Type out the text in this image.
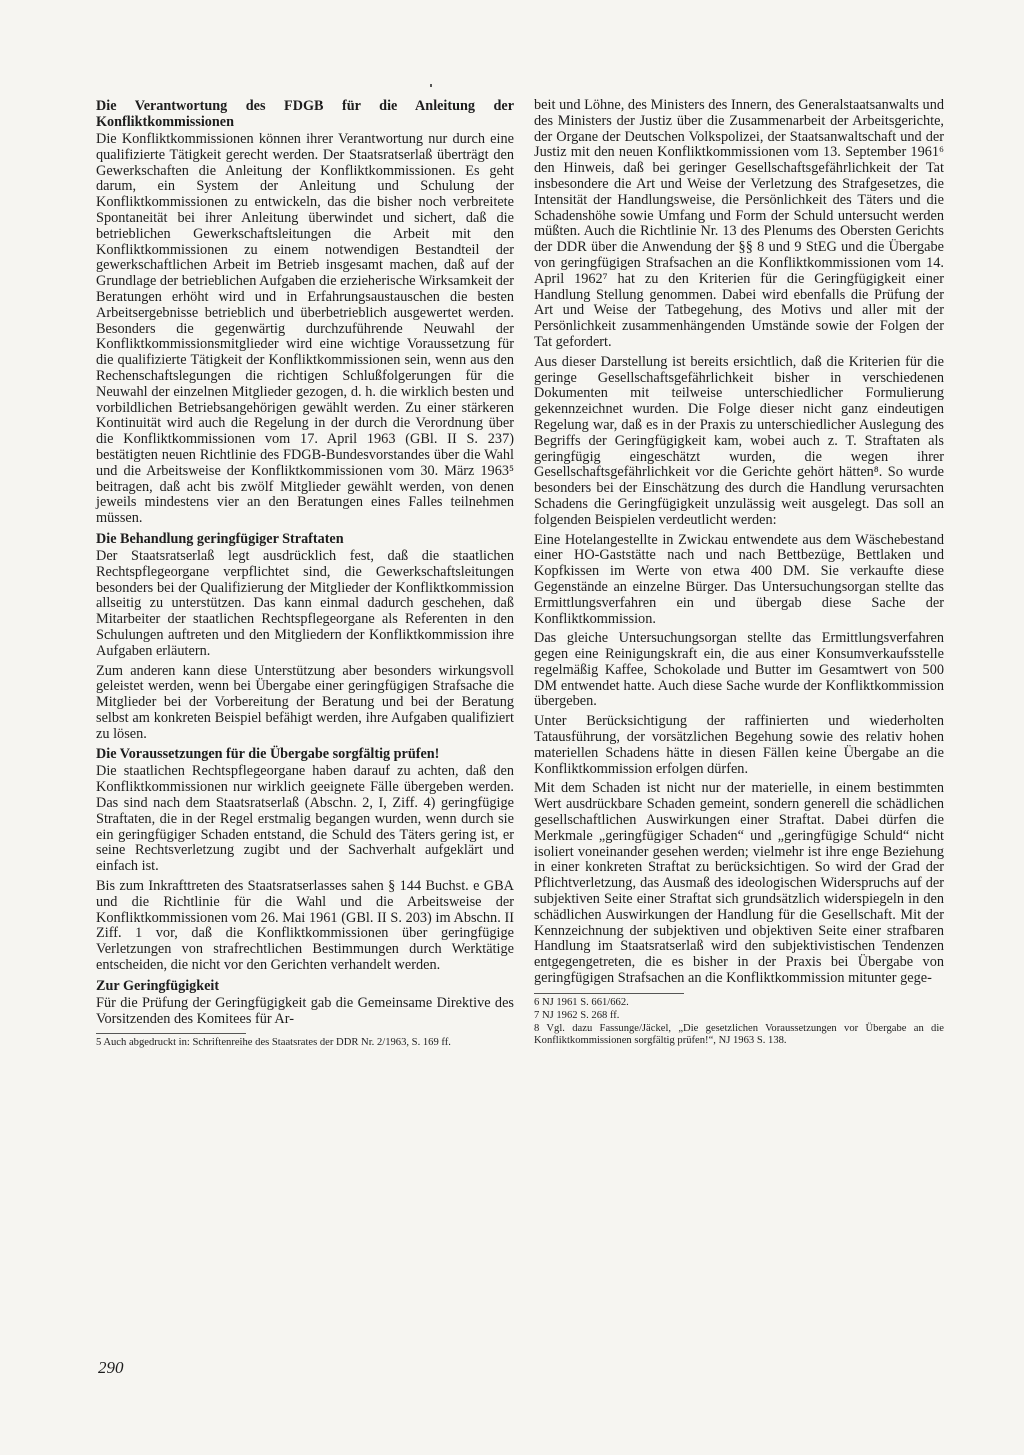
Die Verantwortung des FDGB für die Anleitung der Konfliktkommissionen

Die Konfliktkommissionen können ihrer Verantwortung nur durch eine qualifizierte Tätigkeit gerecht werden. Der Staatsratserlaß überträgt den Gewerkschaften die Anleitung der Konfliktkommissionen. Es geht darum, ein System der Anleitung und Schulung der Konfliktkommissionen zu entwickeln, das die bisher noch verbreitete Spontaneität bei ihrer Anleitung überwindet und sichert, daß die betrieblichen Gewerkschaftsleitungen die Arbeit mit den Konfliktkommissionen zu einem notwendigen Bestandteil der gewerkschaftlichen Arbeit im Betrieb insgesamt machen, daß auf der Grundlage der betrieblichen Aufgaben die erzieherische Wirksamkeit der Beratungen erhöht wird und in Erfahrungsaustauschen die besten Arbeitsergebnisse betrieblich und überbetrieblich ausgewertet werden. Besonders die gegenwärtig durchzuführende Neuwahl der Konfliktkommissionsmitglieder wird eine wichtige Voraussetzung für die qualifizierte Tätigkeit der Konfliktkommissionen sein, wenn aus den Rechenschaftslegungen die richtigen Schlußfolgerungen für die Neuwahl der einzelnen Mitglieder gezogen, d. h. die wirklich besten und vorbildlichen Betriebsangehörigen gewählt werden. Zu einer stärkeren Kontinuität wird auch die Regelung in der durch die Verordnung über die Konfliktkommissionen vom 17. April 1963 (GBl. II S. 237) bestätigten neuen Richtlinie des FDGB-Bundesvorstandes über die Wahl und die Arbeitsweise der Konfliktkommissionen vom 30. März 1963⁵ beitragen, daß acht bis zwölf Mitglieder gewählt werden, von denen jeweils mindestens vier an den Beratungen eines Falles teilnehmen müssen.

Die Behandlung geringfügiger Straftaten

Der Staatsratserlaß legt ausdrücklich fest, daß die staatlichen Rechtspflegeorgane verpflichtet sind, die Gewerkschaftsleitungen besonders bei der Qualifizierung der Mitglieder der Konfliktkommission allseitig zu unterstützen. Das kann einmal dadurch geschehen, daß Mitarbeiter der staatlichen Rechtspflegeorgane als Referenten in den Schulungen auftreten und den Mitgliedern der Konfliktkommission ihre Aufgaben erläutern.

Zum anderen kann diese Unterstützung aber besonders wirkungsvoll geleistet werden, wenn bei Übergabe einer geringfügigen Strafsache die Mitglieder bei der Vorbereitung der Beratung und bei der Beratung selbst am konkreten Beispiel befähigt werden, ihre Aufgaben qualifiziert zu lösen.

Die Voraussetzungen für die Übergabe sorgfältig prüfen!

Die staatlichen Rechtspflegeorgane haben darauf zu achten, daß den Konfliktkommissionen nur wirklich geeignete Fälle übergeben werden. Das sind nach dem Staatsratserlaß (Abschn. 2, I, Ziff. 4) geringfügige Straftaten, die in der Regel erstmalig begangen wurden, wenn durch sie ein geringfügiger Schaden entstand, die Schuld des Täters gering ist, er seine Rechtsverletzung zugibt und der Sachverhalt aufgeklärt und einfach ist.

Bis zum Inkrafttreten des Staatsratserlasses sahen § 144 Buchst. e GBA und die Richtlinie für die Wahl und die Arbeitsweise der Konfliktkommissionen vom 26. Mai 1961 (GBl. II S. 203) im Abschn. II Ziff. 1 vor, daß die Konfliktkommissionen über geringfügige Verletzungen von strafrechtlichen Bestimmungen durch Werktätige entscheiden, die nicht vor den Gerichten verhandelt werden.

Zur Geringfügigkeit

Für die Prüfung der Geringfügigkeit gab die Gemeinsame Direktive des Vorsitzenden des Komitees für Ar-

5 Auch abgedruckt in: Schriftenreihe des Staatsrates der DDR Nr. 2/1963, S. 169 ff.

beit und Löhne, des Ministers des Innern, des Generalstaatsanwalts und des Ministers der Justiz über die Zusammenarbeit der Arbeitsgerichte, der Organe der Deutschen Volkspolizei, der Staatsanwaltschaft und der Justiz mit den neuen Konfliktkommissionen vom 13. September 1961⁶ den Hinweis, daß bei geringer Gesellschaftsgefährlichkeit der Tat insbesondere die Art und Weise der Verletzung des Strafgesetzes, die Intensität der Handlungsweise, die Persönlichkeit des Täters und die Schadenshöhe sowie Umfang und Form der Schuld untersucht werden müßten. Auch die Richtlinie Nr. 13 des Plenums des Obersten Gerichts der DDR über die Anwendung der §§ 8 und 9 StEG und die Übergabe von geringfügigen Strafsachen an die Konfliktkommissionen vom 14. April 1962⁷ hat zu den Kriterien für die Geringfügigkeit einer Handlung Stellung genommen. Dabei wird ebenfalls die Prüfung der Art und Weise der Tatbegehung, des Motivs und aller mit der Persönlichkeit zusammenhängenden Umstände sowie der Folgen der Tat gefordert.

Aus dieser Darstellung ist bereits ersichtlich, daß die Kriterien für die geringe Gesellschaftsgefährlichkeit bisher in verschiedenen Dokumenten mit teilweise unterschiedlicher Formulierung gekennzeichnet wurden. Die Folge dieser nicht ganz eindeutigen Regelung war, daß es in der Praxis zu unterschiedlicher Auslegung des Begriffs der Geringfügigkeit kam, wobei auch z. T. Straftaten als geringfügig eingeschätzt wurden, die wegen ihrer Gesellschaftsgefährlichkeit vor die Gerichte gehört hätten⁸. So wurde besonders bei der Einschätzung des durch die Handlung verursachten Schadens die Geringfügigkeit unzulässig weit ausgelegt. Das soll an folgenden Beispielen verdeutlicht werden:

Eine Hotelangestellte in Zwickau entwendete aus dem Wäschebestand einer HO-Gaststätte nach und nach Bettbezüge, Bettlaken und Kopfkissen im Werte von etwa 400 DM. Sie verkaufte diese Gegenstände an einzelne Bürger. Das Untersuchungsorgan stellte das Ermittlungsverfahren ein und übergab diese Sache der Konfliktkommission.

Das gleiche Untersuchungsorgan stellte das Ermittlungsverfahren gegen eine Reinigungskraft ein, die aus einer Konsumverkaufsstelle regelmäßig Kaffee, Schokolade und Butter im Gesamtwert von 500 DM entwendet hatte. Auch diese Sache wurde der Konfliktkommission übergeben.

Unter Berücksichtigung der raffinierten und wiederholten Tatausführung, der vorsätzlichen Begehung sowie des relativ hohen materiellen Schadens hätte in diesen Fällen keine Übergabe an die Konfliktkommission erfolgen dürfen.

Mit dem Schaden ist nicht nur der materielle, in einem bestimmten Wert ausdrückbare Schaden gemeint, sondern generell die schädlichen gesellschaftlichen Auswirkungen einer Straftat. Dabei dürfen die Merkmale „geringfügiger Schaden“ und „geringfügige Schuld“ nicht isoliert voneinander gesehen werden; vielmehr ist ihre enge Beziehung in einer konkreten Straftat zu berücksichtigen. So wird der Grad der Pflichtverletzung, das Ausmaß des ideologischen Widerspruchs auf der subjektiven Seite einer Straftat sich grundsätzlich widerspiegeln in den schädlichen Auswirkungen der Handlung für die Gesellschaft. Mit der Kennzeichnung der subjektiven und objektiven Seite einer strafbaren Handlung im Staatsratserlaß wird den subjektivistischen Tendenzen entgegengetreten, die es bisher in der Praxis bei Übergabe von geringfügigen Strafsachen an die Konfliktkommission mitunter gege-

6 NJ 1961 S. 661/662.

7 NJ 1962 S. 268 ff.

8 Vgl. dazu Fassunge/Jäckel, „Die gesetzlichen Voraussetzungen vor Übergabe an die Konfliktkommissionen sorgfältig prüfen!“, NJ 1963 S. 138.

290
